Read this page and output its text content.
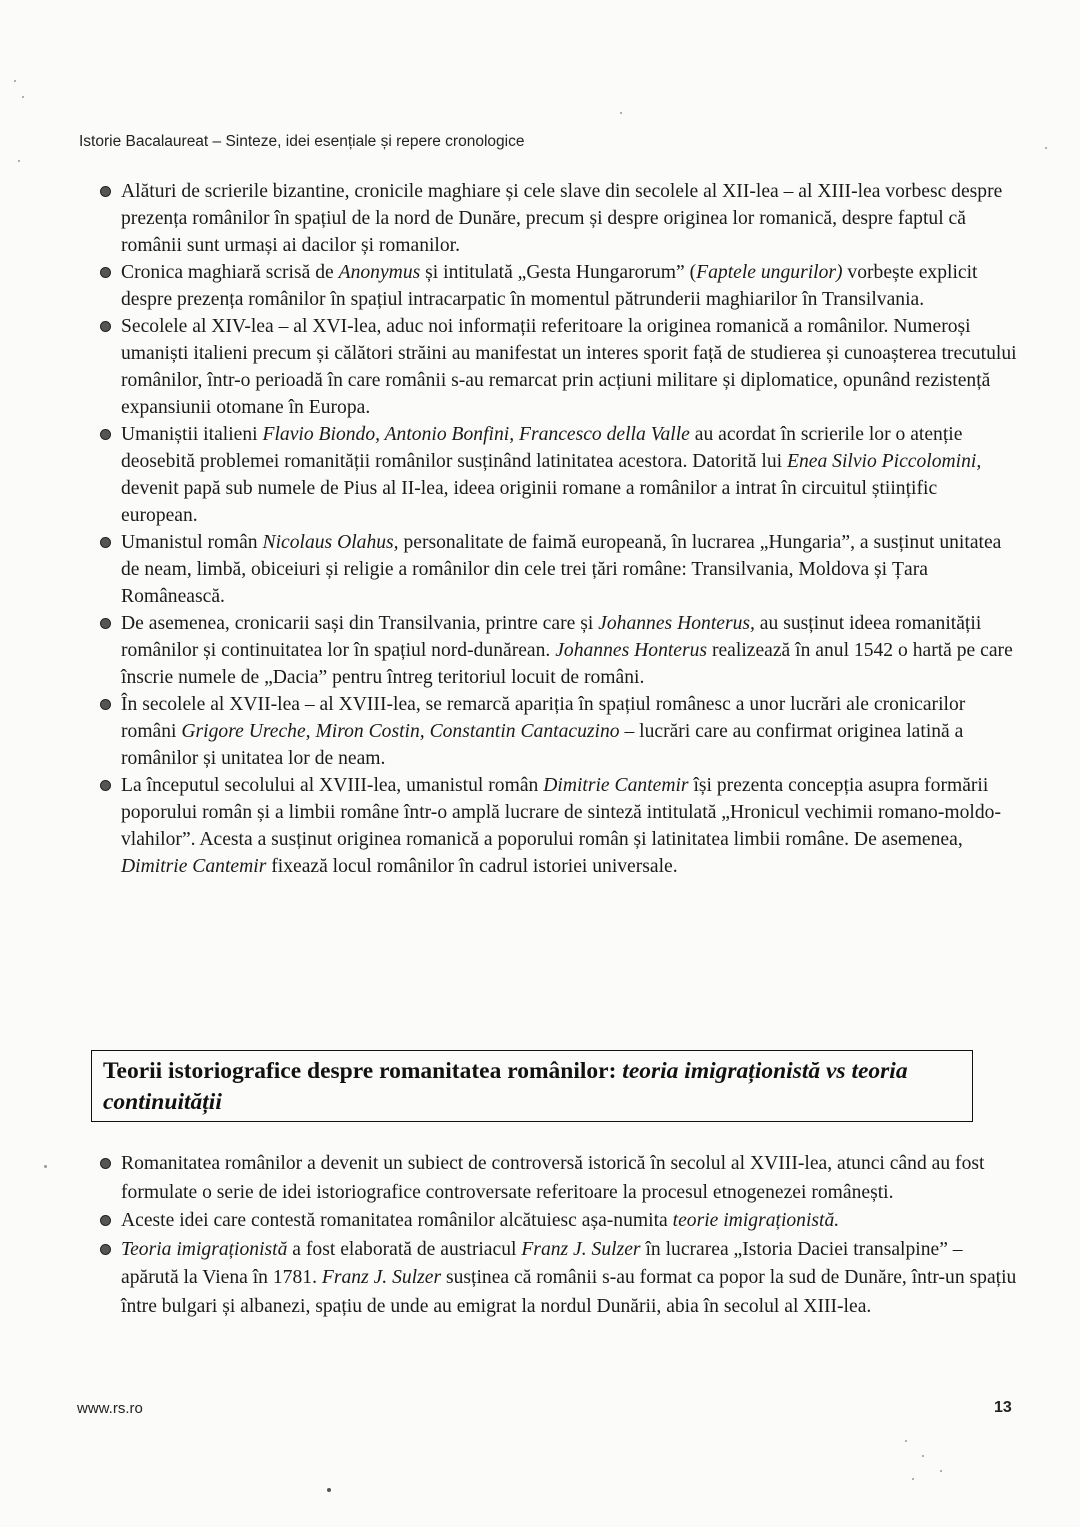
Istorie Bacalaureat – Sinteze, idei esențiale și repere cronologice
Alături de scrierile bizantine, cronicile maghiare și cele slave din secolele al XII-lea – al XIII-lea vorbesc despre prezența românilor în spațiul de la nord de Dunăre, precum și despre originea lor romanică, despre faptul că românii sunt urmași ai dacilor și romanilor.
Cronica maghiară scrisă de Anonymus și intitulată „Gesta Hungarorum” (Faptele ungurilor) vorbește explicit despre prezența românilor în spațiul intracarpatic în momentul pătrunderii maghiarilor în Transilvania.
Secolele al XIV-lea – al XVI-lea, aduc noi informații referitoare la originea romanică a românilor. Numeroși umaniști italieni precum și călători străini au manifestat un interes sporit față de studierea și cunoașterea trecutului românilor, într-o perioadă în care românii s-au remarcat prin acțiuni militare și diplomatice, opunând rezistență expansiunii otomane în Europa.
Umaniștii italieni Flavio Biondo, Antonio Bonfini, Francesco della Valle au acordat în scrierile lor o atenție deosebită problemei romanității românilor susținând latinitatea acestora. Datorită lui Enea Silvio Piccolomini, devenit papă sub numele de Pius al II-lea, ideea originii romane a românilor a intrat în circuitul științific european.
Umanistul român Nicolaus Olahus, personalitate de faimă europeană, în lucrarea „Hungaria”, a susținut unitatea de neam, limbă, obiceiuri și religie a românilor din cele trei țări române: Transilvania, Moldova și Țara Românească.
De asemenea, cronicarii sași din Transilvania, printre care și Johannes Honterus, au susținut ideea romanității românilor și continuitatea lor în spațiul nord-dunărean. Johannes Honterus realizează în anul 1542 o hartă pe care înscrie numele de „Dacia” pentru întreg teritoriul locuit de români.
În secolele al XVII-lea – al XVIII-lea, se remarcă apariția în spațiul românesc a unor lucrări ale cronicarilor români Grigore Ureche, Miron Costin, Constantin Cantacuzino – lucrări care au confirmat originea latină a românilor și unitatea lor de neam.
La începutul secolului al XVIII-lea, umanistul român Dimitrie Cantemir își prezenta concepția asupra formării poporului român și a limbii române într-o amplă lucrare de sinteză intitulată „Hronicul vechimii romano-moldo-vlahilor”. Acesta a susținut originea romanică a poporului român și latinitatea limbii române. De asemenea, Dimitrie Cantemir fixează locul românilor în cadrul istoriei universale.
Teorii istoriografice despre romanitatea românilor: teoria imigraționistă vs teoria continuității
Romanitatea românilor a devenit un subiect de controversă istorică în secolul al XVIII-lea, atunci când au fost formulate o serie de idei istoriografice controversate referitoare la procesul etnogenezei românești.
Aceste idei care contestă romanitatea românilor alcătuiesc așa-numita teorie imigraționistă.
Teoria imigraționistă a fost elaborată de austriacul Franz J. Sulzer în lucrarea „Istoria Daciei transalpine” – apărută la Viena în 1781. Franz J. Sulzer susținea că românii s-au format ca popor la sud de Dunăre, într-un spațiu între bulgari și albanezi, spațiu de unde au emigrat la nordul Dunării, abia în secolul al XIII-lea.
www.rs.ro	13
